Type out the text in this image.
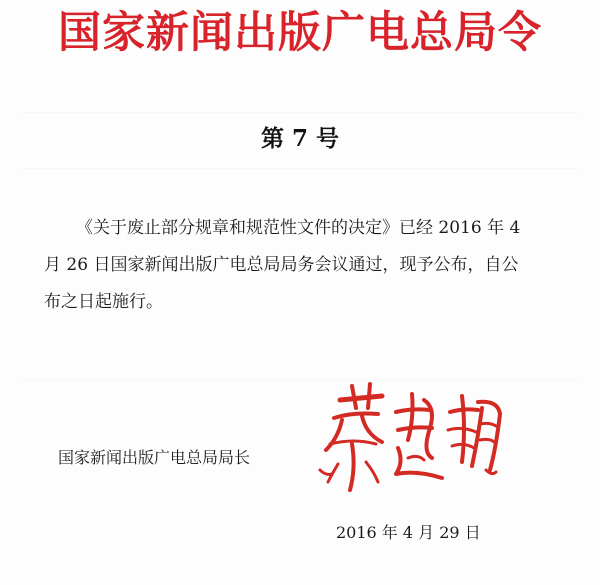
国家新闻出版广电总局令
第 7 号
《关于废止部分规章和规范性文件的决定》已经 2016 年 4
月 26 日国家新闻出版广电总局局务会议通过，现予公布，自公
布之日起施行。
国家新闻出版广电总局局长
2016 年 4 月 29 日
